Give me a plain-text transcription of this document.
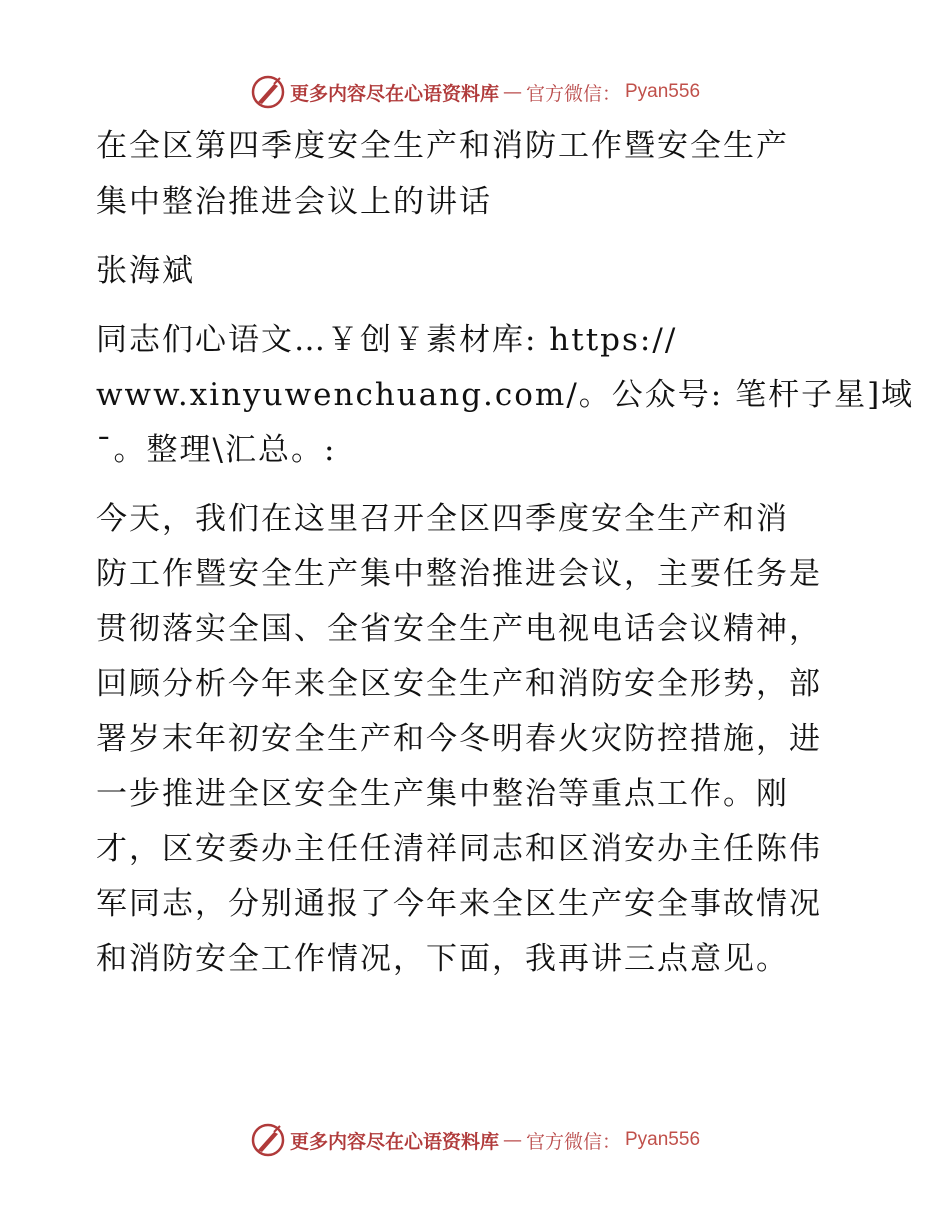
更多内容尽在心语资料库 — 官方微信： Pyan556
在全区第四季度安全生产和消防工作暨安全生产
集中整治推进会议上的讲话
张海斌
同志们心语文…￥创￥素材库: https://
www.xinyuwenchuang.com/。公众号: 笔杆子星]域
¯。整理\汇总。:
今天，我们在这里召开全区四季度安全生产和消
防工作暨安全生产集中整治推进会议，主要任务是
贯彻落实全国、全省安全生产电视电话会议精神，
回顾分析今年来全区安全生产和消防安全形势，部
署岁末年初安全生产和今冬明春火灾防控措施，进
一步推进全区安全生产集中整治等重点工作。刚
才，区安委办主任任清祥同志和区消安办主任陈伟
军同志，分别通报了今年来全区生产安全事故情况
和消防安全工作情况，下面，我再讲三点意见。
更多内容尽在心语资料库 — 官方微信： Pyan556
